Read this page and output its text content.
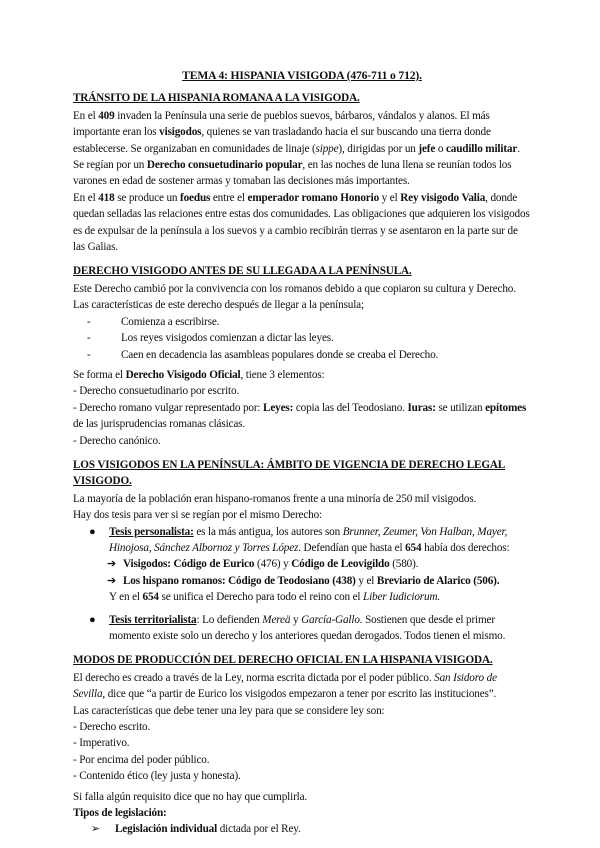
TEMA 4: HISPANIA VISIGODA (476-711 o 712).
TRÁNSITO DE LA HISPANIA ROMANA A LA VISIGODA.
En el 409 invaden la Península una serie de pueblos suevos, bárbaros, vándalos y alanos. El más importante eran los visigodos, quienes se van trasladando hacia el sur buscando una tierra donde establecerse. Se organizaban en comunidades de linaje (sippe), dirigidas por un jefe o caudillo militar. Se regían por un Derecho consuetudinario popular, en las noches de luna llena se reunían todos los varones en edad de sostener armas y tomaban las decisiones más importantes.
En el 418 se produce un foedus entre el emperador romano Honorio y el Rey visigodo Valia, donde quedan selladas las relaciones entre estas dos comunidades. Las obligaciones que adquieren los visigodos es de expulsar de la península a los suevos y a cambio recibirán tierras y se asentaron en la parte sur de las Galias.
DERECHO VISIGODO ANTES DE SU LLEGADA A LA PENÍNSULA.
Este Derecho cambió por la convivencia con los romanos debido a que copiaron su cultura y Derecho. Las características de este derecho después de llegar a la península;
-	Comienza a escribirse.
-	Los reyes visigodos comienzan a dictar las leyes.
-	Caen en decadencia las asambleas populares donde se creaba el Derecho.
Se forma el Derecho Visigodo Oficial, tiene 3 elementos:
- Derecho consuetudinario por escrito.
- Derecho romano vulgar representado por: Leyes: copia las del Teodosiano. Iuras: se utilizan epítomes de las jurisprudencias romanas clásicas.
- Derecho canónico.
LOS VISIGODOS EN LA PENÍNSULA: ÁMBITO DE VIGENCIA DE DERECHO LEGAL VISIGODO.
La mayoría de la población eran hispano-romanos frente a una minoría de 250 mil visigodos.
Hay dos tesis para ver si se regían por el mismo Derecho:
● Tesis personalista: es la más antigua, los autores son Brunner, Zeumer, Von Halban, Mayer, Hinojosa, Sánchez Albornoz y Torres López. Defendían que hasta el 654 había dos derechos:
➔ Visigodos: Código de Eurico (476) y Código de Leovigildo (580).
➔ Los hispano romanos: Código de Teodosiano (438) y el Breviario de Alarico (506).
Y en el 654 se unifica el Derecho para todo el reino con el Liber Iudiciorum.
● Tesis territorialista: Lo defienden Mereä y García-Gallo. Sostienen que desde el primer momento existe solo un derecho y los anteriores quedan derogados. Todos tienen el mismo.
MODOS DE PRODUCCIÓN DEL DERECHO OFICIAL EN LA HISPANIA VISIGODA.
El derecho es creado a través de la Ley, norma escrita dictada por el poder público. San Isidoro de Sevilla, dice que “a partir de Eurico los visigodos empezaron a tener por escrito las instituciones”.
Las características que debe tener una ley para que se considere ley son:
- Derecho escrito.
- Imperativo.
- Por encima del poder público.
- Contenido ético (ley justa y honesta).
Si falla algún requisito dice que no hay que cumplirla.
Tipos de legislación:
➢ Legislación individual dictada por el Rey.
